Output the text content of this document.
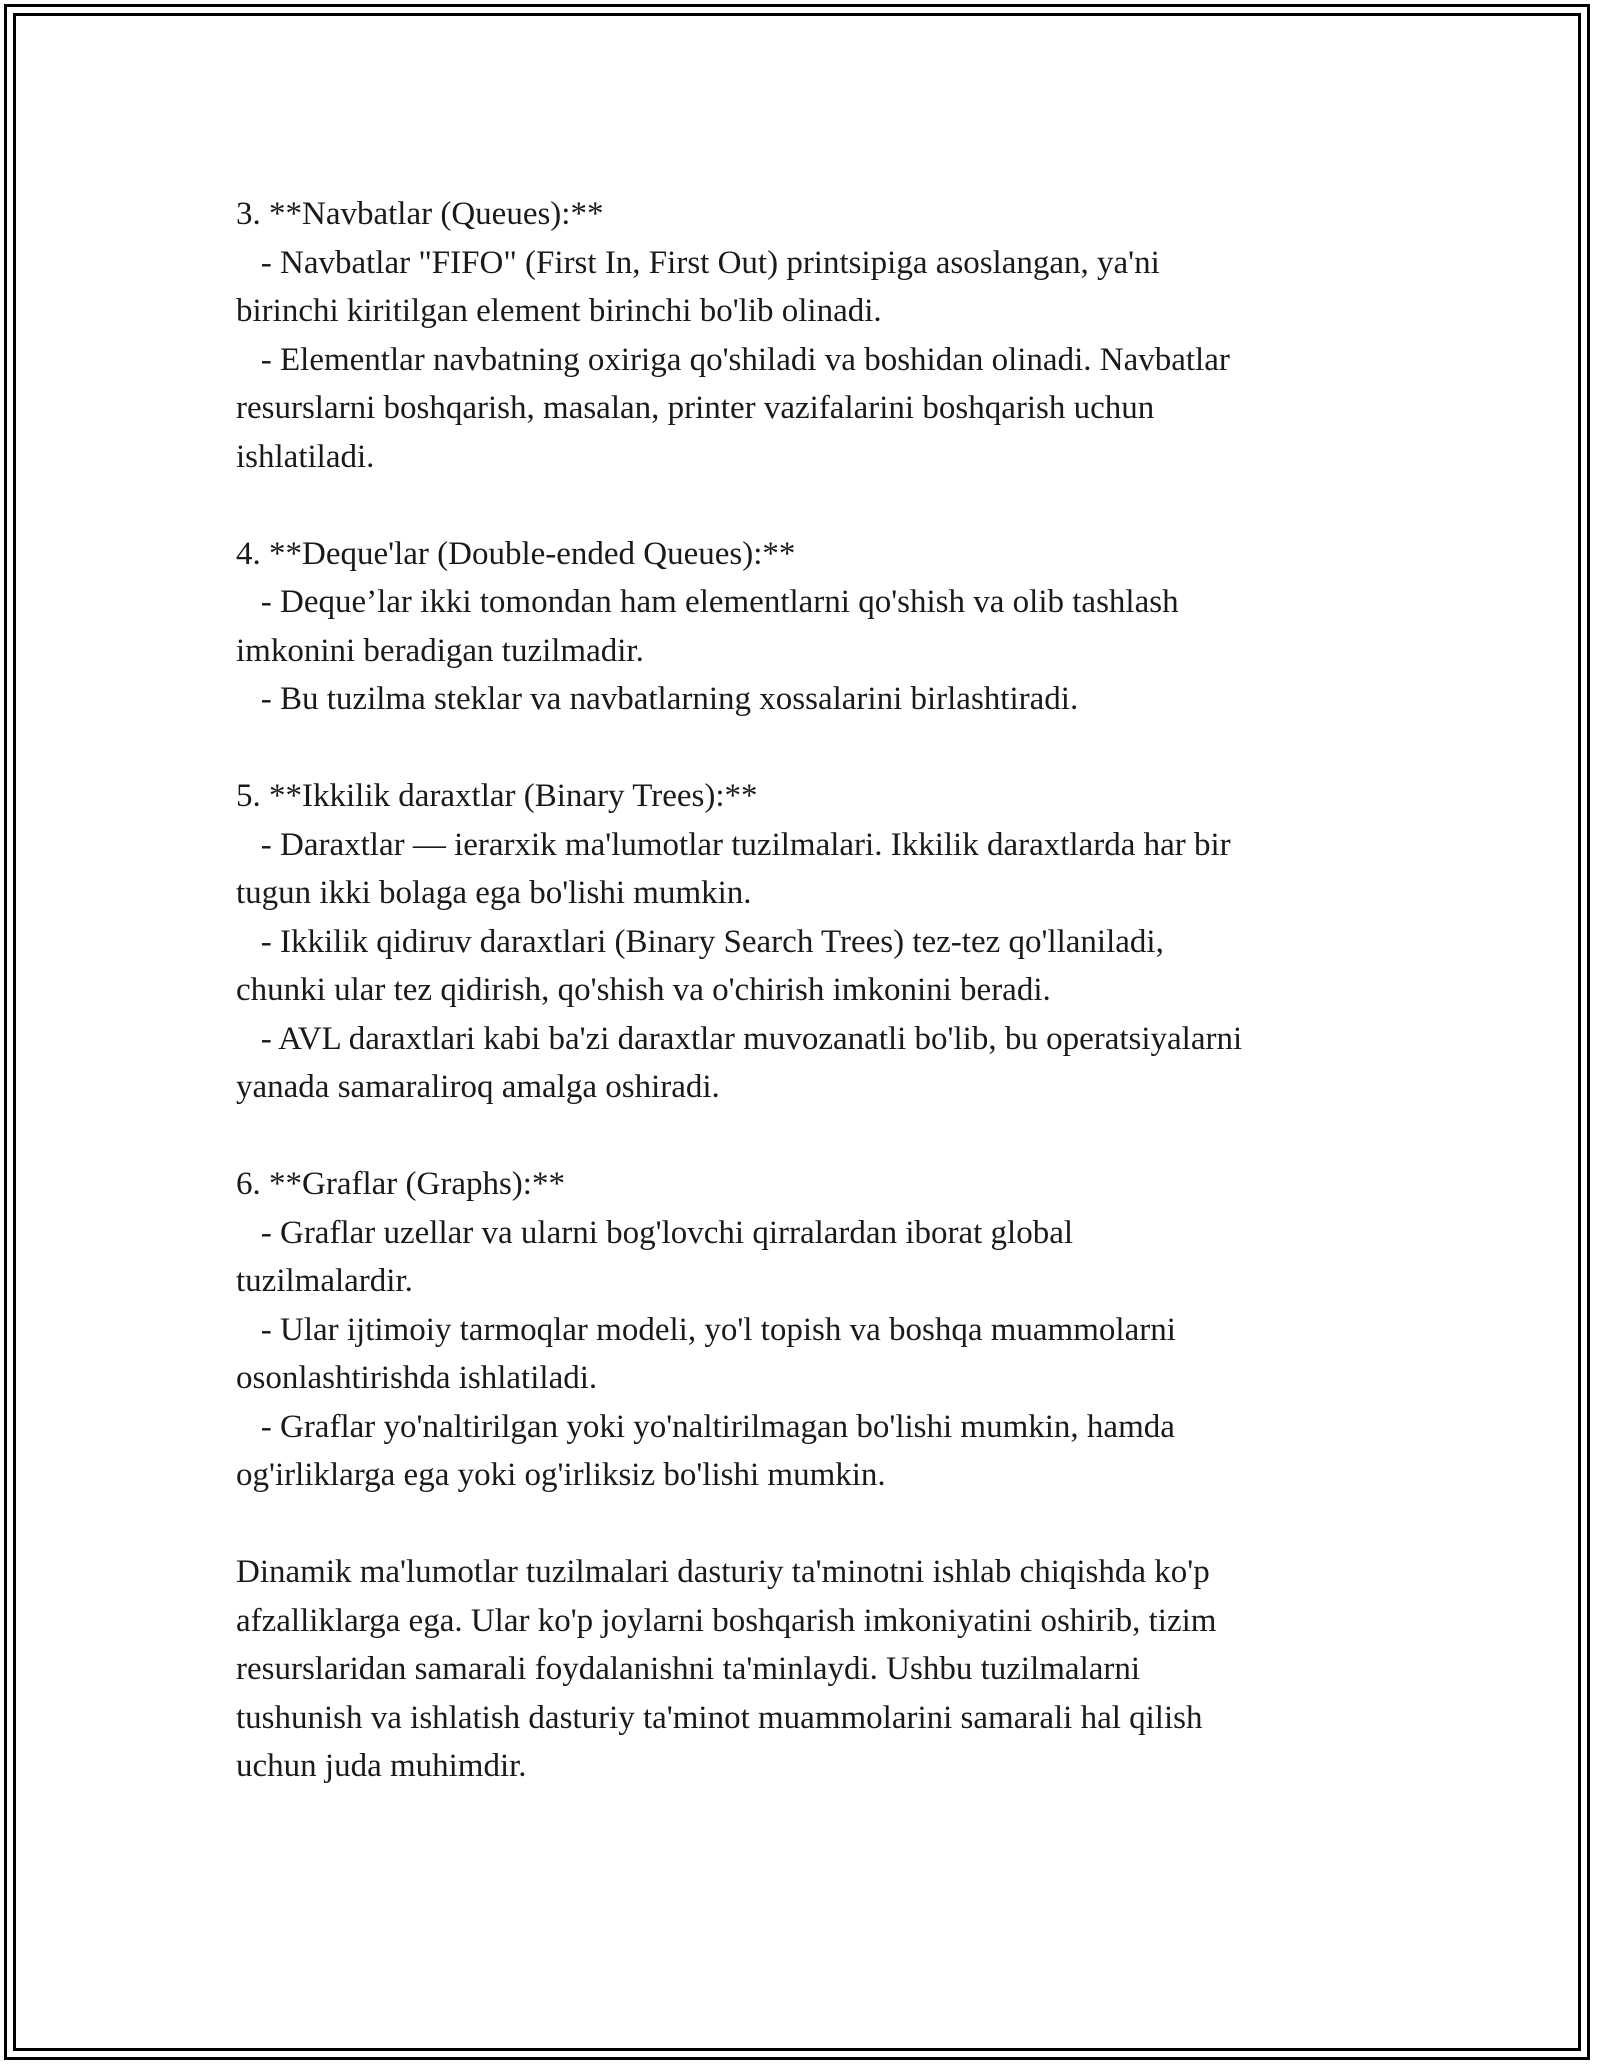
3. **Navbatlar (Queues):**
- Navbatlar "FIFO" (First In, First Out) printsipiga asoslangan, ya'ni
birinchi kiritilgan element birinchi bo'lib olinadi.
- Elementlar navbatning oxiriga qo'shiladi va boshidan olinadi. Navbatlar
resurslarni boshqarish, masalan, printer vazifalarini boshqarish uchun
ishlatiladi.
4. **Deque'lar (Double-ended Queues):**
- Deque’lar ikki tomondan ham elementlarni qo'shish va olib tashlash
imkonini beradigan tuzilmadir.
- Bu tuzilma steklar va navbatlarning xossalarini birlashtiradi.
5. **Ikkilik daraxtlar (Binary Trees):**
- Daraxtlar — ierarxik ma'lumotlar tuzilmalari. Ikkilik daraxtlarda har bir
tugun ikki bolaga ega bo'lishi mumkin.
- Ikkilik qidiruv daraxtlari (Binary Search Trees) tez-tez qo'llaniladi,
chunki ular tez qidirish, qo'shish va o'chirish imkonini beradi.
- AVL daraxtlari kabi ba'zi daraxtlar muvozanatli bo'lib, bu operatsiyalarni
yanada samaraliroq amalga oshiradi.
6. **Graflar (Graphs):**
- Graflar uzellar va ularni bog'lovchi qirralardan iborat global
tuzilmalardir.
- Ular ijtimoiy tarmoqlar modeli, yo'l topish va boshqa muammolarni
osonlashtirishda ishlatiladi.
- Graflar yo'naltirilgan yoki yo'naltirilmagan bo'lishi mumkin, hamda
og'irliklarga ega yoki og'irliksiz bo'lishi mumkin.
Dinamik ma'lumotlar tuzilmalari dasturiy ta'minotni ishlab chiqishda ko'p
afzalliklarga ega. Ular ko'p joylarni boshqarish imkoniyatini oshirib, tizim
resurslaridan samarali foydalanishni ta'minlaydi. Ushbu tuzilmalarni
tushunish va ishlatish dasturiy ta'minot muammolarini samarali hal qilish
uchun juda muhimdir.
